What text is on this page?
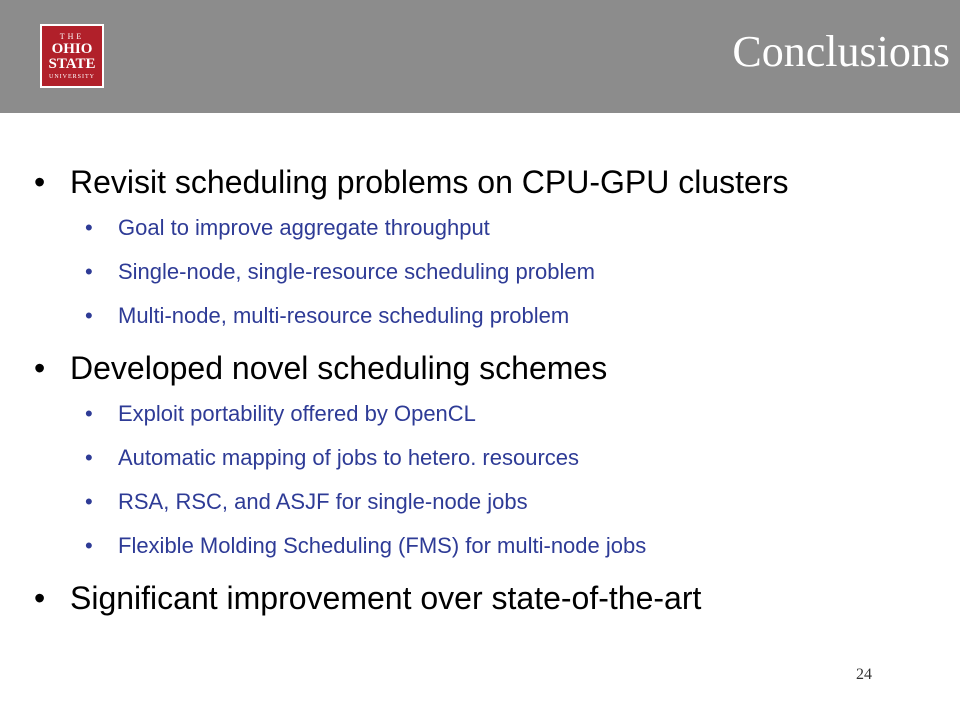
THE
OHIO
STATE
UNIVERSITY
Conclusions
• Revisit scheduling problems on CPU-GPU clusters
• Goal to improve aggregate throughput
• Single-node, single-resource scheduling problem
• Multi-node, multi-resource scheduling problem
• Developed novel scheduling schemes
• Exploit portability offered by OpenCL
• Automatic mapping of jobs to hetero. resources
• RSA, RSC, and ASJF for single-node jobs
• Flexible Molding Scheduling (FMS) for multi-node jobs
• Significant improvement over state-of-the-art
24
